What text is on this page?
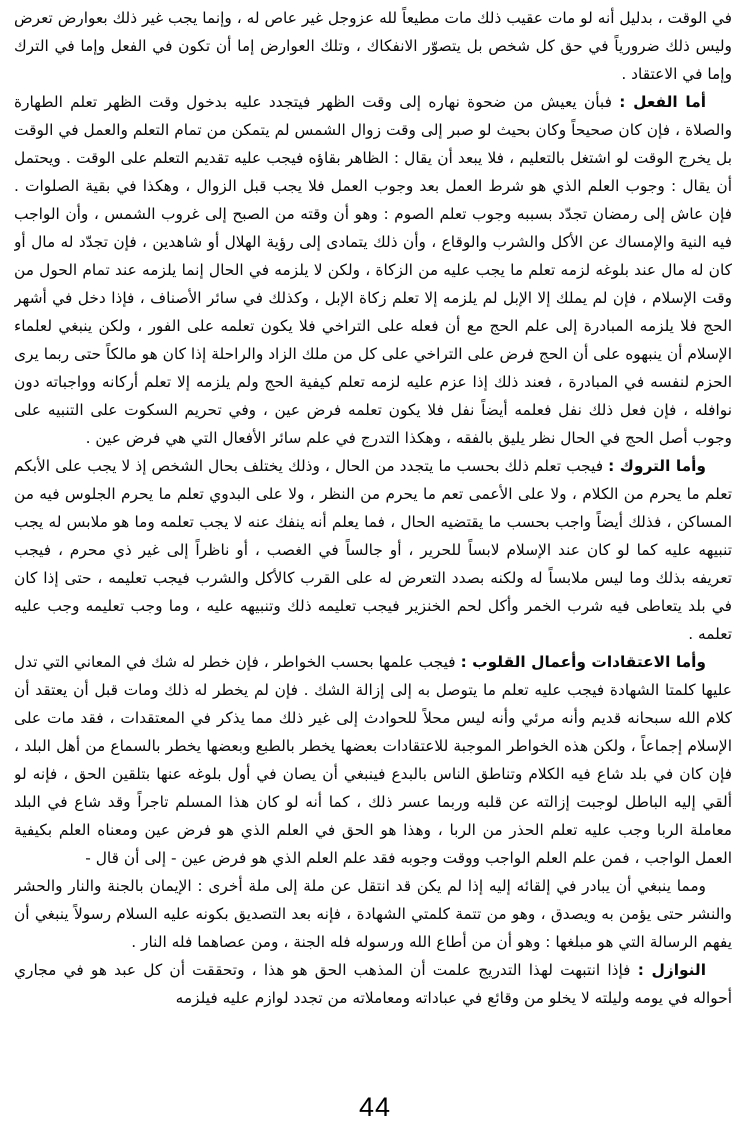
في الوقت ، بدليل أنه لو مات عقيب ذلك مات مطيعاً لله عزوجل غير عاص له ، وإنما يجب غير ذلك بعوارض تعرض وليس ذلك ضرورياً في حق كل شخص بل يتصوّر الانفكاك ، وتلك العوارض إما أن تكون في الفعل وإما في الترك وإما في الاعتقاد .

أما الفعل : فبأن يعيش من ضحوة نهاره إلى وقت الظهر فيتجدد عليه بدخول وقت الظهر تعلم الطهارة والصلاة ، فإن كان صحيحاً وكان بحيث لو صبر إلى وقت زوال الشمس لم يتمكن من تمام التعلم والعمل في الوقت بل يخرج الوقت لو اشتغل بالتعليم ، فلا يبعد أن يقال : الظاهر بقاؤه فيجب عليه تقديم التعلم على الوقت . ويحتمل أن يقال : وجوب العلم الذي هو شرط العمل بعد وجوب العمل فلا يجب قبل الزوال ، وهكذا في بقية الصلوات . فإن عاش إلى رمضان تجدّد بسببه وجوب تعلم الصوم : وهو أن وقته من الصبح إلى غروب الشمس ، وأن الواجب فيه النية والإمساك عن الأكل والشرب والوقاع ، وأن ذلك يتمادى إلى رؤية الهلال أو شاهدين ، فإن تجدّد له مال أو كان له مال عند بلوغه لزمه تعلم ما يجب عليه من الزكاة ، ولكن لا يلزمه في الحال إنما يلزمه عند تمام الحول من وقت الإسلام ، فإن لم يملك إلا الإبل لم يلزمه إلا تعلم زكاة الإبل ، وكذلك في سائر الأصناف ، فإذا دخل في أشهر الحج فلا يلزمه المبادرة إلى علم الحج مع أن فعله على التراخي فلا يكون تعلمه على الفور ، ولكن ينبغي لعلماء الإسلام أن ينبهوه على أن الحج فرض على التراخي على كل من ملك الزاد والراحلة إذا كان هو مالكاً حتى ربما يرى الحزم لنفسه في المبادرة ، فعند ذلك إذا عزم عليه لزمه تعلم كيفية الحج ولم يلزمه إلا تعلم أركانه وواجباته دون نوافله ، فإن فعل ذلك نفل فعلمه أيضاً نفل فلا يكون تعلمه فرض عين ، وفي تحريم السكوت على التنبيه على وجوب أصل الحج في الحال نظر يليق بالفقه ، وهكذا التدرج في علم سائر الأفعال التي هي فرض عين .

وأما التروك : فيجب تعلم ذلك بحسب ما يتجدد من الحال ، وذلك يختلف بحال الشخص إذ لا يجب على الأبكم تعلم ما يحرم من الكلام ، ولا على الأعمى تعم ما يحرم من النظر ، ولا على البدوي تعلم ما يحرم الجلوس فيه من المساكن ، فذلك أيضاً واجب بحسب ما يقتضيه الحال ، فما يعلم أنه ينفك عنه لا يجب تعلمه وما هو ملابس له يجب تنبيهه عليه كما لو كان عند الإسلام لابساً للحرير ، أو جالساً في الغصب ، أو ناظراً إلى غير ذي محرم ، فيجب تعريفه بذلك وما ليس ملابساً له ولكنه بصدد التعرض له على القرب كالأكل والشرب فيجب تعليمه ، حتى إذا كان في بلد يتعاطى فيه شرب الخمر وأكل لحم الخنزير فيجب تعليمه ذلك وتنبيهه عليه ، وما وجب تعليمه وجب عليه تعلمه .

وأما الاعتقادات وأعمال القلوب : فيجب علمها بحسب الخواطر ، فإن خطر له شك في المعاني التي تدل عليها كلمتا الشهادة فيجب عليه تعلم ما يتوصل به إلى إزالة الشك . فإن لم يخطر له ذلك ومات قبل أن يعتقد أن كلام الله سبحانه قديم وأنه مرئي وأنه ليس محلاً للحوادث إلى غير ذلك مما يذكر في المعتقدات ، فقد مات على الإسلام إجماعاً ، ولكن هذه الخواطر الموجبة للاعتقادات بعضها يخطر بالطبع وبعضها يخطر بالسماع من أهل البلد ، فإن كان في بلد شاع فيه الكلام وتناطق الناس بالبدع فينبغي أن يصان في أول بلوغه عنها بتلقين الحق ، فإنه لو ألقي إليه الباطل لوجبت إزالته عن قلبه وربما عسر ذلك ، كما أنه لو كان هذا المسلم تاجراً وقد شاع في البلد معاملة الربا وجب عليه تعلم الحذر من الربا ، وهذا هو الحق في العلم الذي هو فرض عين ومعناه العلم بكيفية العمل الواجب ، فمن علم العلم الواجب ووقت وجوبه فقد علم العلم الذي هو فرض عين - إلى أن قال -

ومما ينبغي أن يبادر في إلقائه إليه إذا لم يكن قد انتقل عن ملة إلى ملة أخرى : الإيمان بالجنة والنار والحشر والنشر حتى يؤمن به ويصدق ، وهو من تتمة كلمتي الشهادة ، فإنه بعد التصديق بكونه عليه السلام رسولاً ينبغي أن يفهم الرسالة التي هو مبلغها : وهو أن من أطاع الله ورسوله فله الجنة ، ومن عصاهما فله النار .

النوازل : فإذا انتبهت لهذا التدريج علمت أن المذهب الحق هو هذا ، وتحققت أن كل عبد هو في مجاري أحواله في يومه وليلته لا يخلو من وقائع في عباداته ومعاملاته من تجدد لوازم عليه فيلزمه

44
